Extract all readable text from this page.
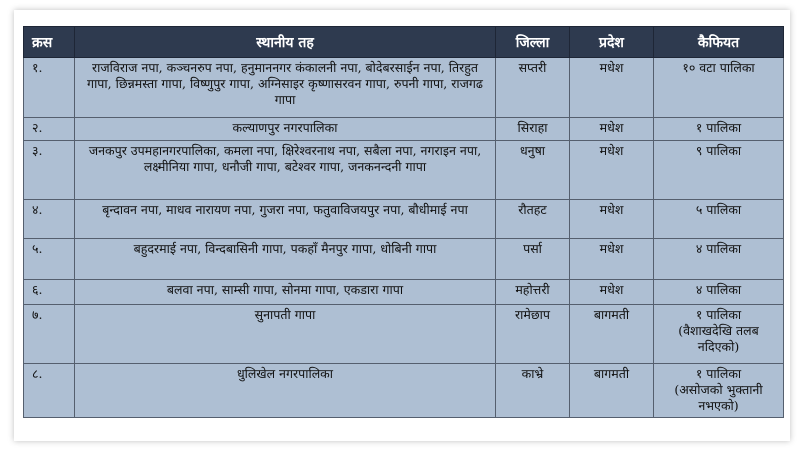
क्रस	स्थानीय तह	जिल्ला	प्रदेश	कैफियत
१.	राजविराज नपा, कञ्चनरुप नपा, हनुमाननगर कंकालनी नपा, बोदेबरसाईन नपा, तिरहुत गापा, छिन्नमस्ता गापा, विष्णुपुर गापा, अग्निसाइर कृष्णासरवन गापा, रुपनी गापा, राजगढ गापा	सप्तरी	मधेश	१० वटा पालिका
२.	कल्याणपुर नगरपालिका	सिराहा	मधेश	१ पालिका
३.	जनकपुर उपमहानगरपालिका, कमला नपा, क्षिरेश्वरनाथ नपा, सबैला नपा, नगराइन नपा, लक्ष्मीनिया गापा, धनौजी गापा, बटेश्वर गापा, जनकनन्दनी गापा	धनुषा	मधेश	९ पालिका
४.	बृन्दावन नपा, माधव नारायण नपा, गुजरा नपा, फतुवाविजयपुर नपा, बौधीमाई नपा	रौतहट	मधेश	५ पालिका
५.	बहुदरमाई नपा, विन्दबासिनी गापा, पकहाँ मैनपुर गापा, धोबिनी गापा	पर्सा	मधेश	४ पालिका
६.	बलवा नपा, साम्सी गापा, सोनमा गापा, एकडारा गापा	महोत्तरी	मधेश	४ पालिका
७.	सुनापती गापा	रामेछाप	बागमती	१ पालिका
(वैशाखदेखि तलब नदिएको)

८.	धुलिखेल नगरपालिका	काभ्रे	बागमती	१ पालिका
(असोजको भुक्तानी नभएको)
